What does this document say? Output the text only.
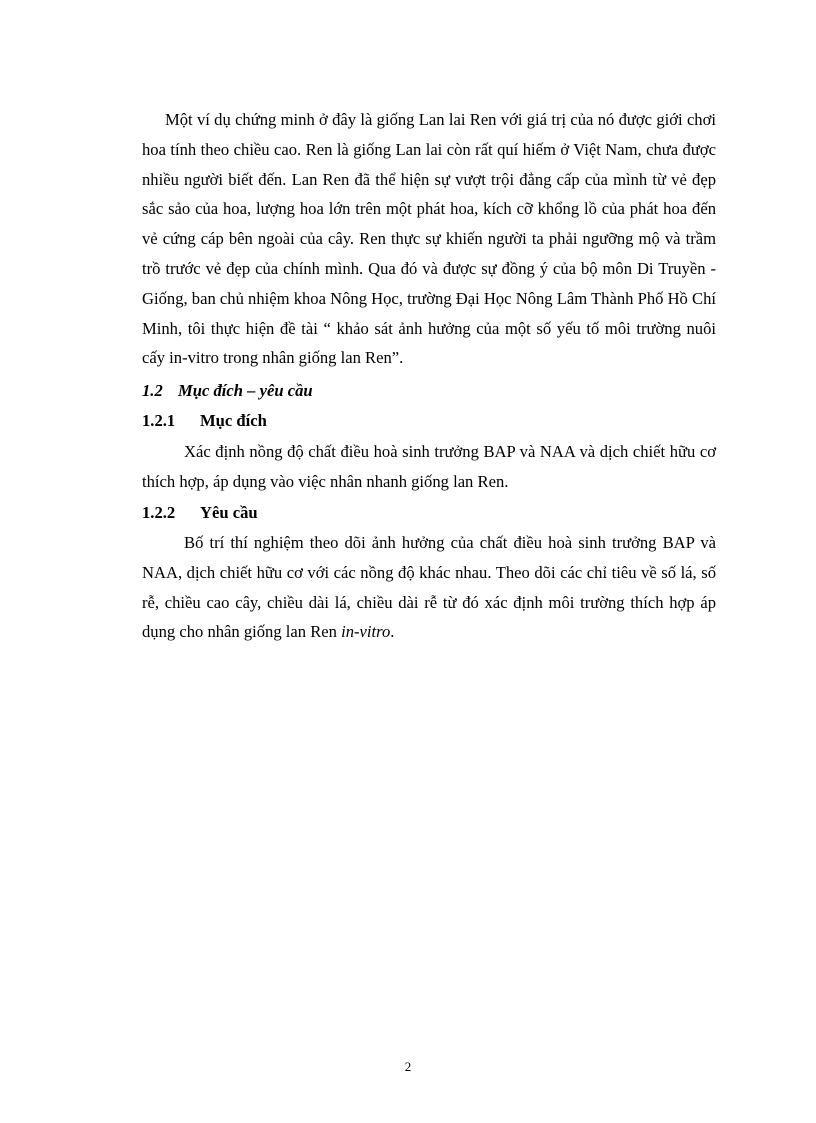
Một ví dụ chứng minh ở đây là giống Lan lai Ren với giá trị của nó được giới chơi hoa tính theo chiều cao. Ren là giống Lan lai còn rất quí hiếm ở Việt Nam, chưa được nhiều người biết đến. Lan Ren đã thể hiện sự vượt trội đẳng cấp của mình từ vẻ đẹp sắc sảo của hoa, lượng hoa lớn trên một phát hoa, kích cỡ khổng lồ của phát hoa đến vẻ cứng cáp bên ngoài của cây. Ren thực sự khiến người ta phải ngưỡng mộ và trầm trồ trước vẻ đẹp của chính mình. Qua đó và được sự đồng ý của bộ môn Di Truyền - Giống, ban chủ nhiệm khoa Nông Học, trường Đại Học Nông Lâm Thành Phố Hồ Chí Minh, tôi thực hiện đề tài “ khảo sát ảnh hưởng của một số yếu tố môi trường nuôi cấy in-vitro trong nhân giống lan Ren”.

1.2 Mục đích – yêu cầu
1.2.1 Mục đích

Xác định nồng độ chất điều hoà sinh trưởng BAP và NAA và dịch chiết hữu cơ thích hợp, áp dụng vào việc nhân nhanh giống lan Ren.

1.2.2 Yêu cầu

Bố trí thí nghiệm theo dõi ảnh hưởng của chất điều hoà sinh trưởng BAP và NAA, dịch chiết hữu cơ với các nồng độ khác nhau. Theo dõi các chỉ tiêu về số lá, số rễ, chiều cao cây, chiều dài lá, chiều dài rễ từ đó xác định môi trường thích hợp áp dụng cho nhân giống lan Ren in-vitro.

2
